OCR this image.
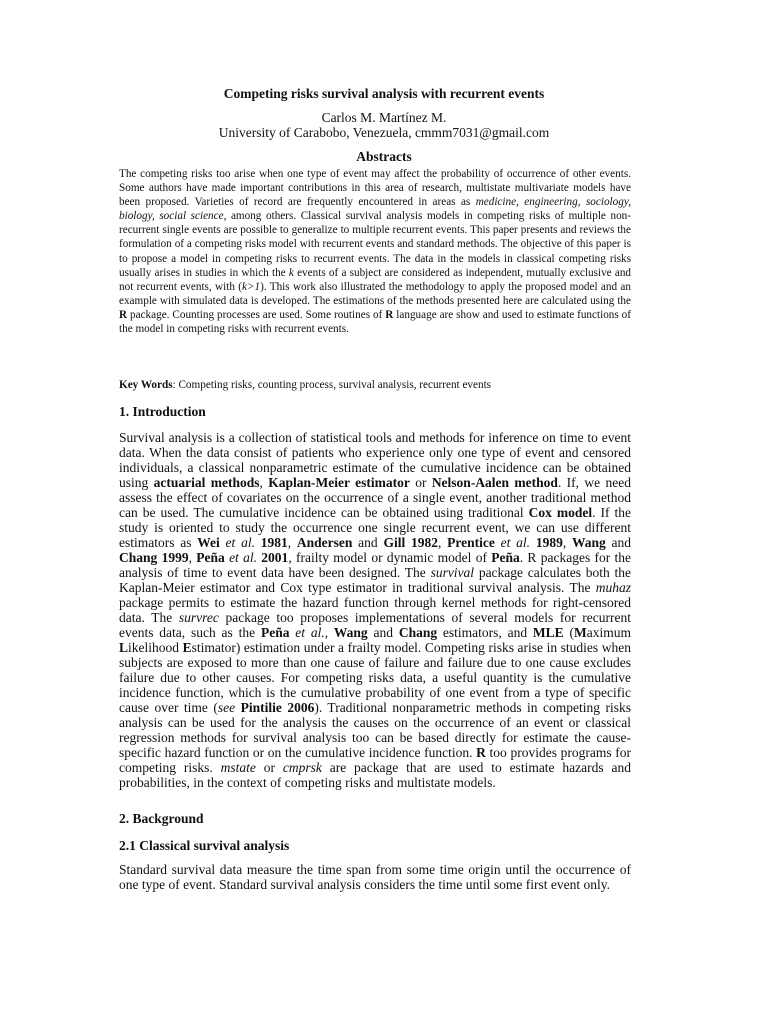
Competing risks survival analysis with recurrent events
Carlos M. Martínez M.
University of Carabobo, Venezuela, cmmm7031@gmail.com
Abstracts

The competing risks too arise when one type of event may affect the probability of occurrence of other events. Some authors have made important contributions in this area of research, multistate multivariate models have been proposed. Varieties of record are frequently encountered in areas as medicine, engineering, sociology, biology, social science, among others. Classical survival analysis models in competing risks of multiple non-recurrent single events are possible to generalize to multiple recurrent events. This paper presents and reviews the formulation of a competing risks model with recurrent events and standard methods. The objective of this paper is to propose a model in competing risks to recurrent events. The data in the models in classical competing risks usually arises in studies in which the k events of a subject are considered as independent, mutually exclusive and not recurrent events, with (k>1). This work also illustrated the methodology to apply the proposed model and an example with simulated data is developed. The estimations of the methods presented here are calculated using the R package. Counting processes are used. Some routines of R language are show and used to estimate functions of the model in competing risks with recurrent events.

Key Words: Competing risks, counting process, survival analysis, recurrent events

1. Introduction

Survival analysis is a collection of statistical tools and methods for inference on time to event data. When the data consist of patients who experience only one type of event and censored individuals, a classical nonparametric estimate of the cumulative incidence can be obtained using actuarial methods, Kaplan-Meier estimator or Nelson-Aalen method. If, we need assess the effect of covariates on the occurrence of a single event, another traditional method can be used. The cumulative incidence can be obtained using traditional Cox model. If the study is oriented to study the occurrence one single recurrent event, we can use different estimators as Wei et al. 1981, Andersen and Gill 1982, Prentice et al. 1989, Wang and Chang 1999, Peña et al. 2001, frailty model or dynamic model of Peña. R packages for the analysis of time to event data have been designed. The survival package calculates both the Kaplan-Meier estimator and Cox type estimator in traditional survival analysis. The muhaz package permits to estimate the hazard function through kernel methods for right-censored data. The survrec package too proposes implementations of several models for recurrent events data, such as the Peña et al., Wang and Chang estimators, and MLE (Maximum Likelihood Estimator) estimation under a frailty model. Competing risks arise in studies when subjects are exposed to more than one cause of failure and failure due to one cause excludes failure due to other causes. For competing risks data, a useful quantity is the cumulative incidence function, which is the cumulative probability of one event from a type of specific cause over time (see Pintilie 2006). Traditional nonparametric methods in competing risks analysis can be used for the analysis the causes on the occurrence of an event or classical regression methods for survival analysis too can be based directly for estimate the cause-specific hazard function or on the cumulative incidence function. R too provides programs for competing risks. mstate or cmprsk are package that are used to estimate hazards and probabilities, in the context of competing risks and multistate models.

2. Background
2.1 Classical survival analysis

Standard survival data measure the time span from some time origin until the occurrence of one type of event. Standard survival analysis considers the time until some first event only.
